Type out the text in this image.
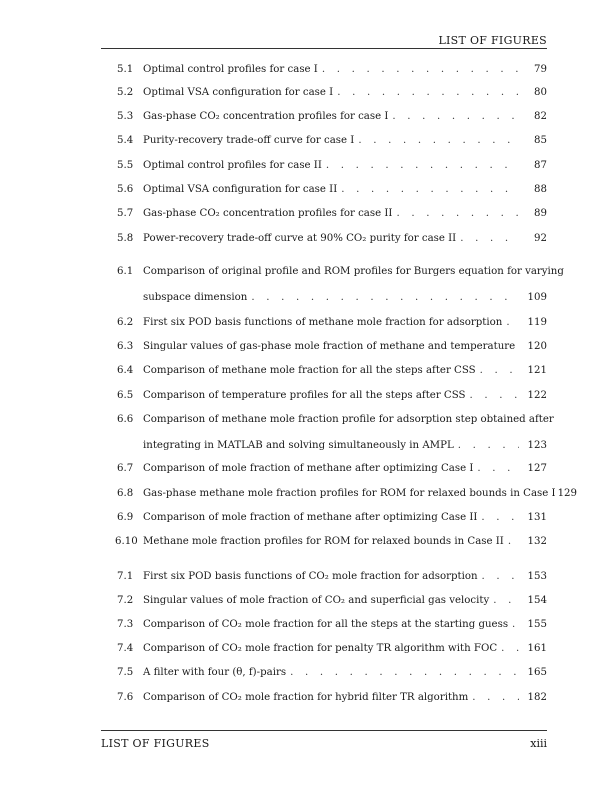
LIST OF FIGURES
5.1 Optimal control profiles for case I . . .	79
5.2 Optimal VSA configuration for case I . . .	80
5.3 Gas-phase CO₂ concentration profiles for case I . . .	82
5.4 Purity-recovery trade-off curve for case I . . .	85
5.5 Optimal control profiles for case II . . .	87
5.6 Optimal VSA configuration for case II . . .	88
5.7 Gas-phase CO₂ concentration profiles for case II . . .	89
5.8 Power-recovery trade-off curve at 90% CO₂ purity for case II . . .	92
6.1 Comparison of original profile and ROM profiles for Burgers equation for varying
subspace dimension . . .	109
6.2 First six POD basis functions of methane mole fraction for adsorption . . . 119
6.3 Singular values of gas-phase mole fraction of methane and temperature 120
6.4 Comparison of methane mole fraction for all the steps after CSS . . .	121
6.5 Comparison of temperature profiles for all the steps after CSS . . .	122
6.6 Comparison of methane mole fraction profile for adsorption step obtained after
integrating in MATLAB and solving simultaneously in AMPL . . .	123
6.7 Comparison of mole fraction of methane after optimizing Case I . . .	127
6.8 Gas-phase methane mole fraction profiles for ROM for relaxed bounds in Case I 129
6.9 Comparison of mole fraction of methane after optimizing Case II . . .	131
6.10 Methane mole fraction profiles for ROM for relaxed bounds in Case II . . . 132
7.1 First six POD basis functions of CO₂ mole fraction for adsorption . . .	153
7.2 Singular values of mole fraction of CO₂ and superficial gas velocity . . .	154
7.3 Comparison of CO₂ mole fraction for all the steps at the starting guess . . . 155
7.4 Comparison of CO₂ mole fraction for penalty TR algorithm with FOC . . .	161
7.5 A filter with four (θ, f)-pairs . . .	165
7.6 Comparison of CO₂ mole fraction for hybrid filter TR algorithm . . .	182
LIST OF FIGURES	xiii
